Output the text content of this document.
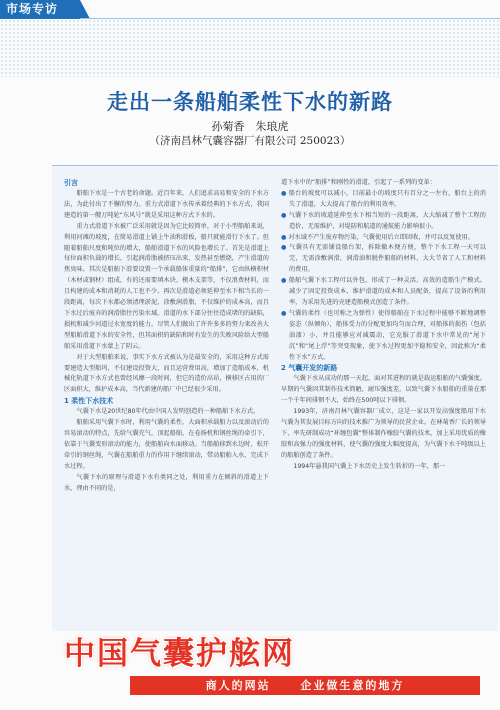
市场专访
走出一条船舶柔性下水的新路
孙菊香　朱琅虎
（济南昌林气囊容器厂有限公司 250023）

引言

船舶下水是一个古老的命题。近百年来，人们追求高易和安全的下水方法，为此付出了不懈的努力。重力式滑道下水传承着经典的下水方式，我国建造的第一艘万吨轮“东风号”就是采用这种方式下水的。

重力式滑道下水被广泛采用就是因为它比较简单，对于小型船舶来说，利用河滩的坡度，在简易滑道上铺上牛油和滑板，船只就能滑行下水了。但随着船舶尺度和吨位的增大，船舶滑道下水的风险也增长了。首先是滑道上每位面积负载的增长，引起润滑脂被挤压出来，发热甚至燃烧，产生滑道的焦臭味。其次是船舶下滑要设置一个承载船体重量的“船排”，它由纵横积材（木材或钢材）组成，有的还需要填木块、楔木支架等，不仅浪费材料，而且构建的成本和消耗的人工也不少。再次是滑道必须延伸至水下相当长的一段距离，每次下水都必须清理淤泥，涂敷润滑脂，不仅维护的成本高，而且下水过后废弃的润滑脂往污染水域。滑道的水下部分往往造成堵的的缺陷，损机和减少河道过水宽度的能力。尽管人们做出了许许多多的努力来改善大型船舶滑道下水的安全性，但其面积的缺陷和时有发生的失败风险给大型船舶采用滑道下水蒙上了阴云。

对于大型船舶来说，事实下水方式被认为是最安全的，采用这种方式需要建造大型船坞，不仅建设投资大，而且运营费用高，增加了造船成本，机械化轨道下水方式也曾经风靡一段时间，但它的造价高昂，横移区占用的厂区面积大，维护成本高，当代新建的船厂中已经很少采用。

1 柔性下水技术

气囊下水是20世纪80年代由中国人发明创造的一种船舶下水方式。

船舶采用气囊下水时，利用气囊的柔性，大面积承载船力以及滚动后的容易滚动的特点，先给气囊充气，顶起船舶，在卷扬机和钢丝绳的牵引下，依靠于气囊变形滚动的能力，使船舶向水面移动。当船舶移到水边时，松开牵引的钢丝绳，气囊在船舶重力的作用下继续滚动，带动船舶入水，完成下水过程。

气囊下水的原理与滑道下水有类同之处，利用重力在倾斜的滑道上下水，理由不同的是，

道下水中的“船排”和刚性的滑道，引起了一系列的变革：

● 船台的坡度可以减小，目前最小的坡度只有百分之一左右，船台上的消失了滑道，大大提高了船台的利用效率。

● 气囊下水的坡道延伸至水下相当短的一段距离，大大缩减了整个工程的造价，无需维护，对堤防和航道的通航能力影响很小。

● 对水域不产生废弃物污染，气囊使用后立即回收，并可以反复使用。

● 气囊具有无需铺设船台架，拆除撤木便方便，整个下水工程一天可以完，无需涂敷润滑，润滑油和脱件船舶的材料，大大节省了人工和材料的费用。

● 船舶气囊下水工程可以外包，形成了一种灵活、高效的造船生产模式。减少了固定投资成本，维护滑道的成本和人员配备，提高了设备的利用率，为采用先进的壳建造船模式创造了条件。

● 气囊的柔性（也可称之为弹性）使得船舶在下水过程中能够不断地调整姿态（纵倾角），船体受力的分配更加均匀而合理，对船体的损伤（包括油漆）小，并且能够应对减震动，它克服了滑道下水中常见的“尾下沉”和“尾上浮”等突变现象，使下水过程更加平稳和安全，因此称为“柔性下水”方式。

2 气囊开发的新路

气囊下水从成功的那一天起，面对其进程的就是载运船舶的气囊强度。早期的气囊因其制作技术简陋，耐压强度差，以致气囊下水船舶的重量在那一个千年间徘徊不大，始终在500吨以下徘徊。

1993年，济南昌林气囊容器厂成立，这是一家以开发高强度船用下水气囊为其发展目标方向的技术推广为领导的民营企业。在林菊香厂长的领导下，率先研制成功“环缠包囊”整体制作橡胶气囊的技术，加上采用优质的橡胶和高强力的强度材料，使气囊的强度大幅度提高，为气囊下水千吨级以上的船舶创造了条件。

1994年悬我国气囊上下水历史上发生转折的一年，那一

中国气囊护舷网
商人的网站	企业做生意的地方
